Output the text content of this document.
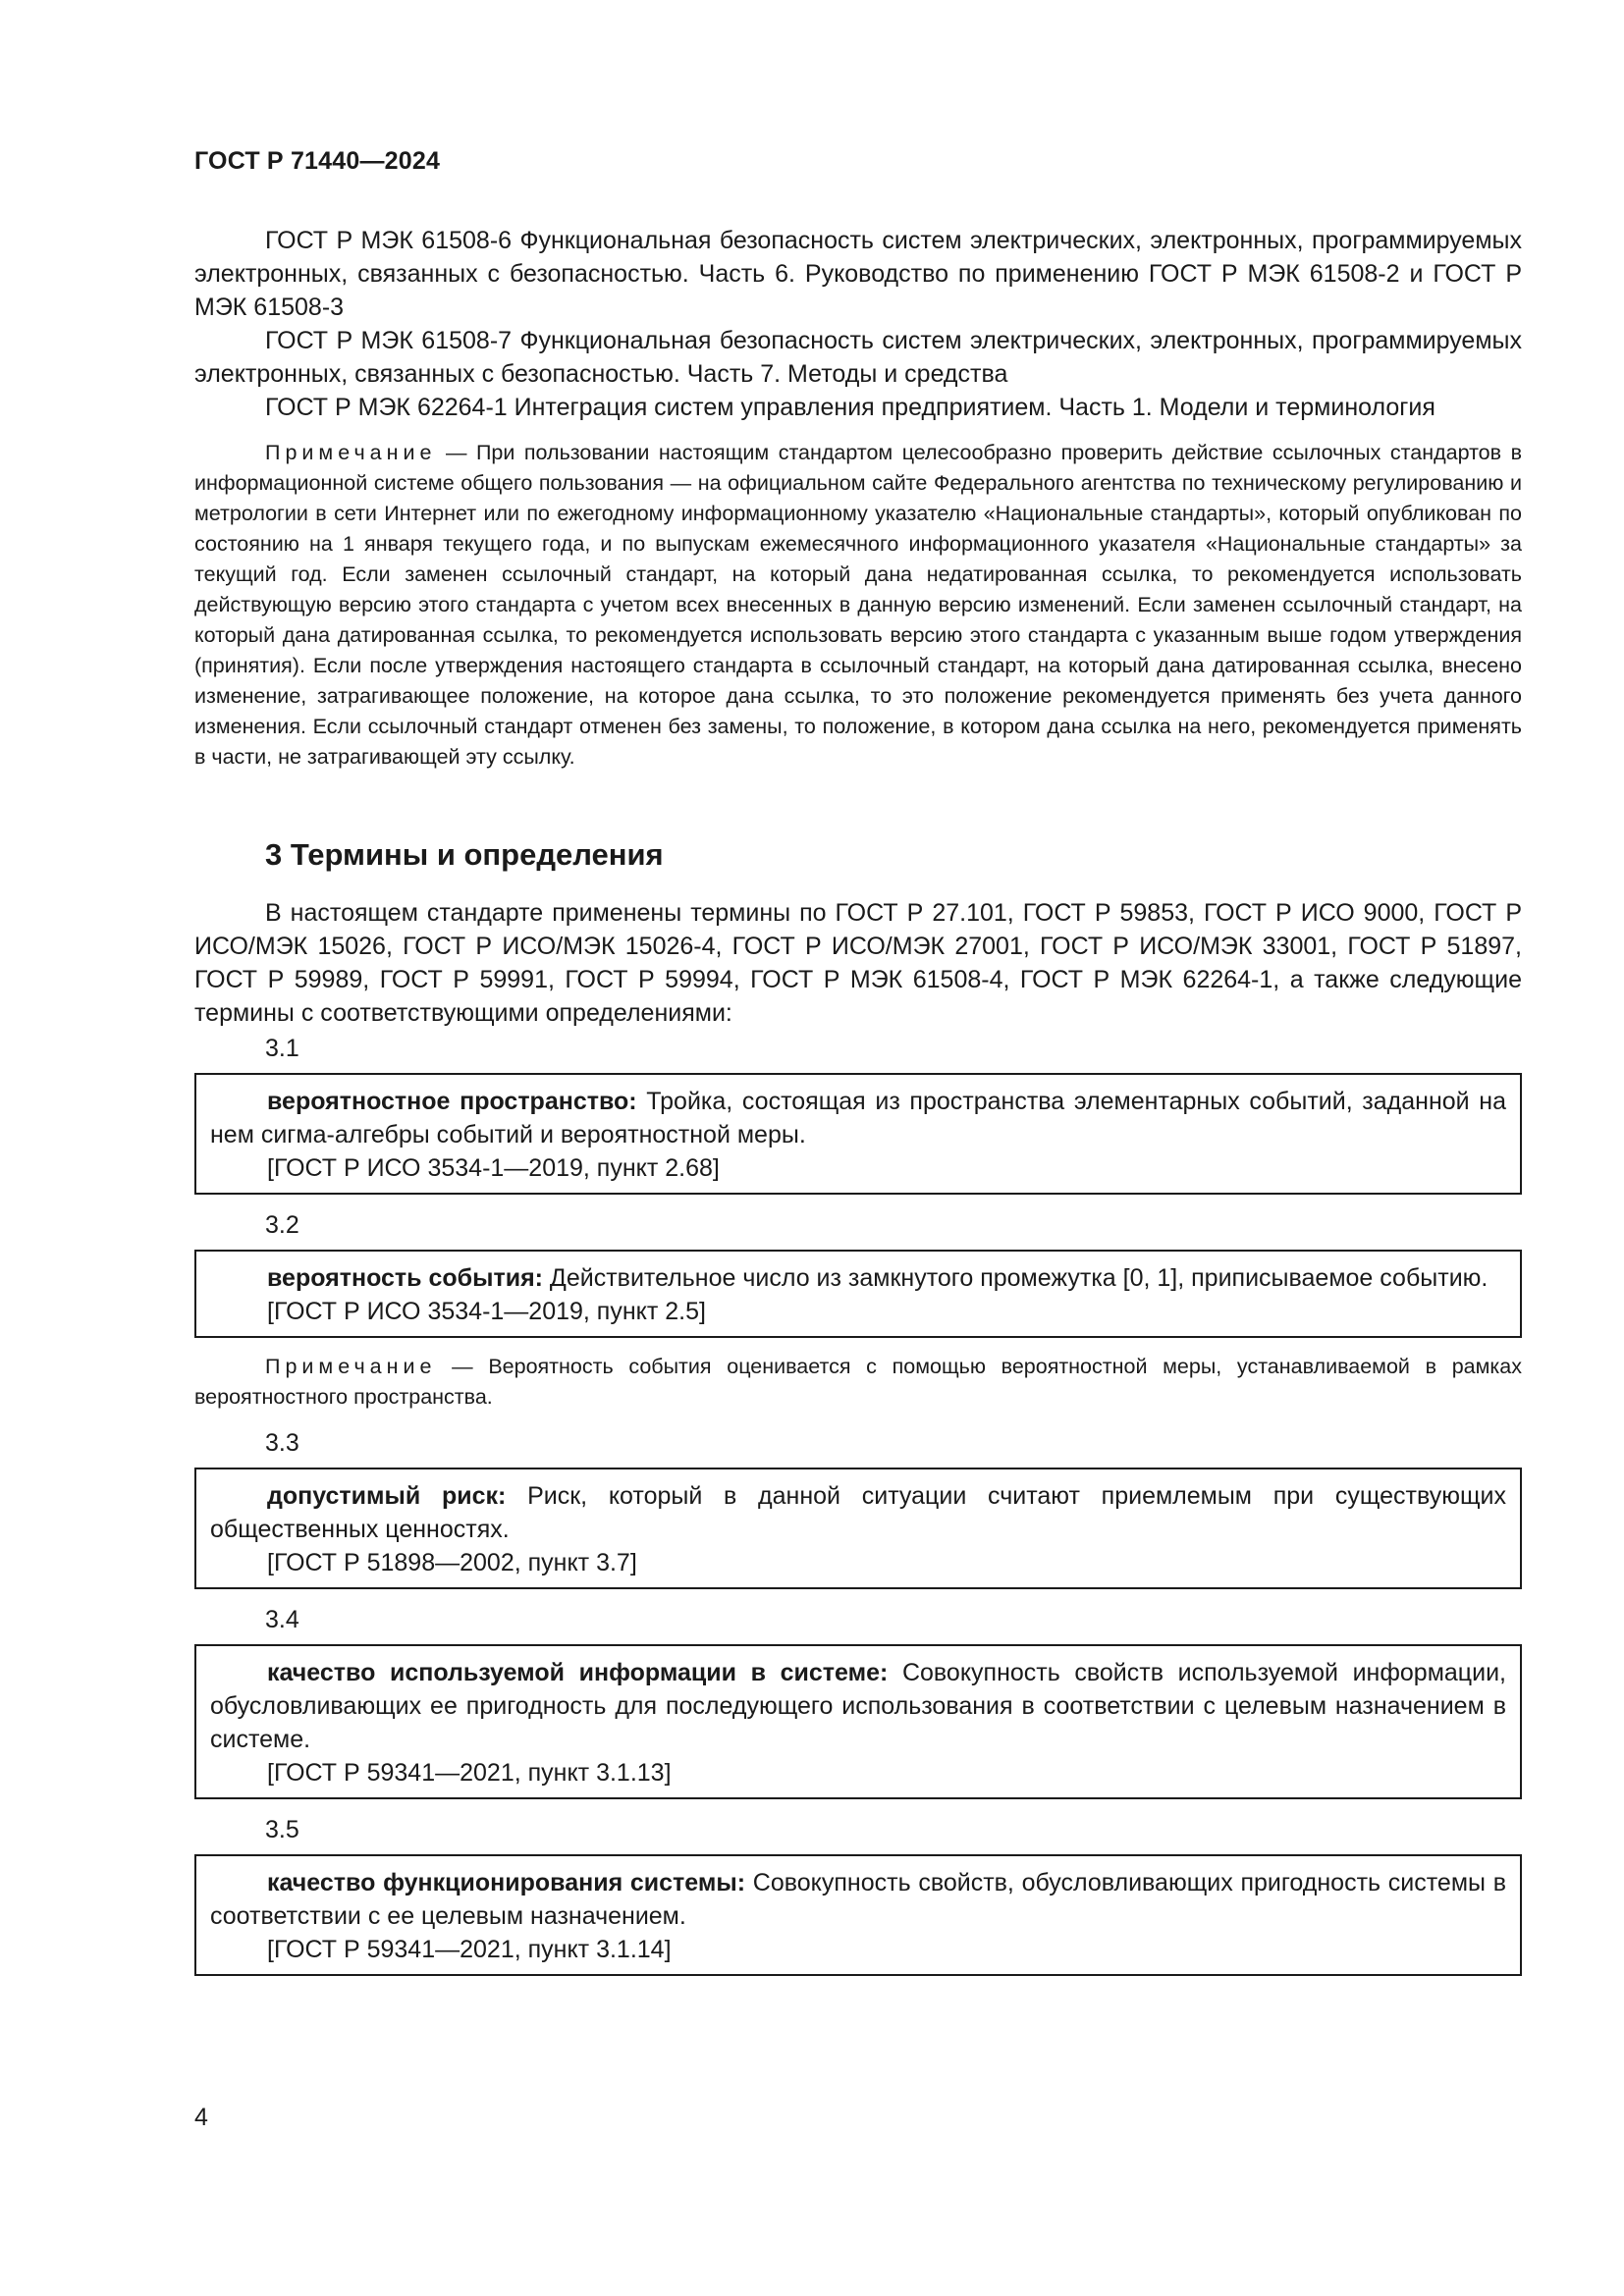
ГОСТ Р 71440—2024

ГОСТ Р МЭК 61508-6 Функциональная безопасность систем электрических, электронных, программируемых электронных, связанных с безопасностью. Часть 6. Руководство по применению ГОСТ Р МЭК 61508-2 и ГОСТ Р МЭК 61508-3

ГОСТ Р МЭК 61508-7 Функциональная безопасность систем электрических, электронных, программируемых электронных, связанных с безопасностью. Часть 7. Методы и средства

ГОСТ Р МЭК 62264-1 Интеграция систем управления предприятием. Часть 1. Модели и терминология

Примечание — При пользовании настоящим стандартом целесообразно проверить действие ссылочных стандартов в информационной системе общего пользования — на официальном сайте Федерального агентства по техническому регулированию и метрологии в сети Интернет или по ежегодному информационному указателю «Национальные стандарты», который опубликован по состоянию на 1 января текущего года, и по выпускам ежемесячного информационного указателя «Национальные стандарты» за текущий год. Если заменен ссылочный стандарт, на который дана недатированная ссылка, то рекомендуется использовать действующую версию этого стандарта с учетом всех внесенных в данную версию изменений. Если заменен ссылочный стандарт, на который дана датированная ссылка, то рекомендуется использовать версию этого стандарта с указанным выше годом утверждения (принятия). Если после утверждения настоящего стандарта в ссылочный стандарт, на который дана датированная ссылка, внесено изменение, затрагивающее положение, на которое дана ссылка, то это положение рекомендуется применять без учета данного изменения. Если ссылочный стандарт отменен без замены, то положение, в котором дана ссылка на него, рекомендуется применять в части, не затрагивающей эту ссылку.

3 Термины и определения

В настоящем стандарте применены термины по ГОСТ Р 27.101, ГОСТ Р 59853, ГОСТ Р ИСО 9000, ГОСТ Р ИСО/МЭК 15026, ГОСТ Р ИСО/МЭК 15026-4, ГОСТ Р ИСО/МЭК 27001, ГОСТ Р ИСО/МЭК 33001, ГОСТ Р 51897, ГОСТ Р 59989, ГОСТ Р 59991, ГОСТ Р 59994, ГОСТ Р МЭК 61508-4, ГОСТ Р МЭК 62264-1, а также следующие термины с соответствующими определениями:

3.1

вероятностное пространство: Тройка, состоящая из пространства элементарных событий, заданной на нем сигма-алгебры событий и вероятностной меры.

[ГОСТ Р ИСО 3534-1—2019, пункт 2.68]

3.2

вероятность события: Действительное число из замкнутого промежутка [0, 1], приписываемое событию.

[ГОСТ Р ИСО 3534-1—2019, пункт 2.5]

Примечание — Вероятность события оценивается с помощью вероятностной меры, устанавливаемой в рамках вероятностного пространства.

3.3

допустимый риск: Риск, который в данной ситуации считают приемлемым при существующих общественных ценностях.

[ГОСТ Р 51898—2002, пункт 3.7]

3.4

качество используемой информации в системе: Совокупность свойств используемой информации, обусловливающих ее пригодность для последующего использования в соответствии с целевым назначением в системе.

[ГОСТ Р 59341—2021, пункт 3.1.13]

3.5

качество функционирования системы: Совокупность свойств, обусловливающих пригодность системы в соответствии с ее целевым назначением.

[ГОСТ Р 59341—2021, пункт 3.1.14]

4
